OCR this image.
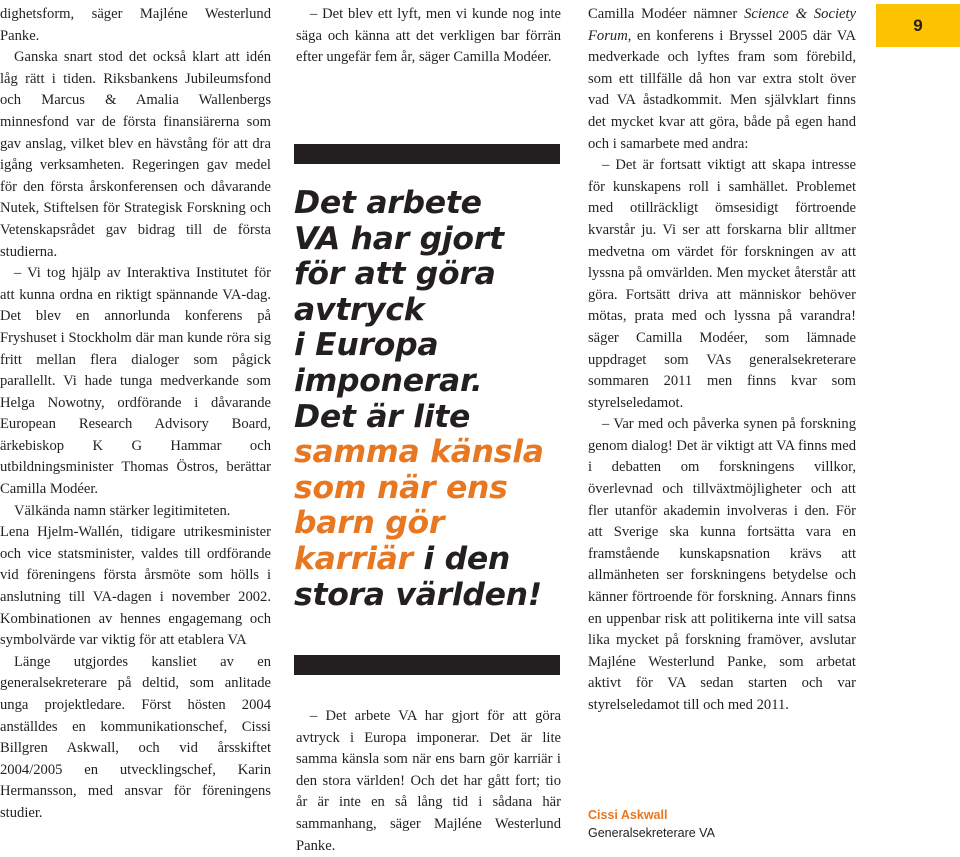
dighetsform, säger Majléne Westerlund Panke.

Ganska snart stod det också klart att idén låg rätt i tiden. Riksbankens Jubileumsfond och Marcus & Amalia Wallenbergs minnesfond var de första finansiärerna som gav anslag, vilket blev en hävstång för att dra igång verksamheten. Regeringen gav medel för den första årskonferensen och dåvarande Nutek, Stiftelsen för Strategisk Forskning och Vetenskapsrådet gav bidrag till de första studierna.

– Vi tog hjälp av Interaktiva Institutet för att kunna ordna en riktigt spännande VA-dag. Det blev en annorlunda konferens på Fryshuset i Stockholm där man kunde röra sig fritt mellan flera dialoger som pågick parallellt. Vi hade tunga medverkande som Helga Nowotny, ordförande i dåvarande European Research Advisory Board, ärkebiskop K G Hammar och utbildningsminister Thomas Östros, berättar Camilla Modéer.

Välkända namn stärker legitimiteten.

Lena Hjelm-Wallén, tidigare utrikesminister och vice statsminister, valdes till ordförande vid föreningens första årsmöte som hölls i anslutning till VA-dagen i november 2002. Kombinationen av hennes engagemang och symbolvärde var viktig för att etablera VA

Länge utgjordes kansliet av en generalsekreterare på deltid, som anlitade unga projektledare. Först hösten 2004 anställdes en kommunikationschef, Cissi Billgren Askwall, och vid årsskiftet 2004/2005 en utvecklingschef, Karin Hermansson, med ansvar för föreningens studier.

– Det blev ett lyft, men vi kunde nog inte säga och känna att det verkligen bar förrän efter ungefär fem år, säger Camilla Modéer.

Det arbete
VA har gjort
för att göra
avtryck
i Europa
imponerar.
Det är lite
samma känsla
som när ens
barn gör
karriär i den
stora världen!

– Det arbete VA har gjort för att göra avtryck i Europa imponerar. Det är lite samma känsla som när ens barn gör karriär i den stora världen! Och det har gått fort; tio år är inte en så lång tid i sådana här sammanhang, säger Majléne Westerlund Panke.

Camilla Modéer nämner Science & Society Forum, en konferens i Bryssel 2005 där VA medverkade och lyftes fram som förebild, som ett tillfälle då hon var extra stolt över vad VA åstadkommit. Men självklart finns det mycket kvar att göra, både på egen hand och i samarbete med andra:

– Det är fortsatt viktigt att skapa intresse för kunskapens roll i samhället. Problemet med otillräckligt ömsesidigt förtroende kvarstår ju. Vi ser att forskarna blir alltmer medvetna om värdet för forskningen av att lyssna på omvärlden. Men mycket återstår att göra. Fortsätt driva att människor behöver mötas, prata med och lyssna på varandra! säger Camilla Modéer, som lämnade uppdraget som VAs generalsekreterare sommaren 2011 men finns kvar som styrelseledamot.

– Var med och påverka synen på forskning genom dialog! Det är viktigt att VA finns med i debatten om forskningens villkor, överlevnad och tillväxtmöjligheter och att fler utanför akademin involveras i den. För att Sverige ska kunna fortsätta vara en framstående kunskapsnation krävs att allmänheten ser forskningens betydelse och känner förtroende för forskning. Annars finns en uppenbar risk att politikerna inte vill satsa lika mycket på forskning framöver, avslutar Majléne Westerlund Panke, som arbetat aktivt för VA sedan starten och var styrelseledamot till och med 2011.

9
Cissi Askwall
Generalsekreterare VA
